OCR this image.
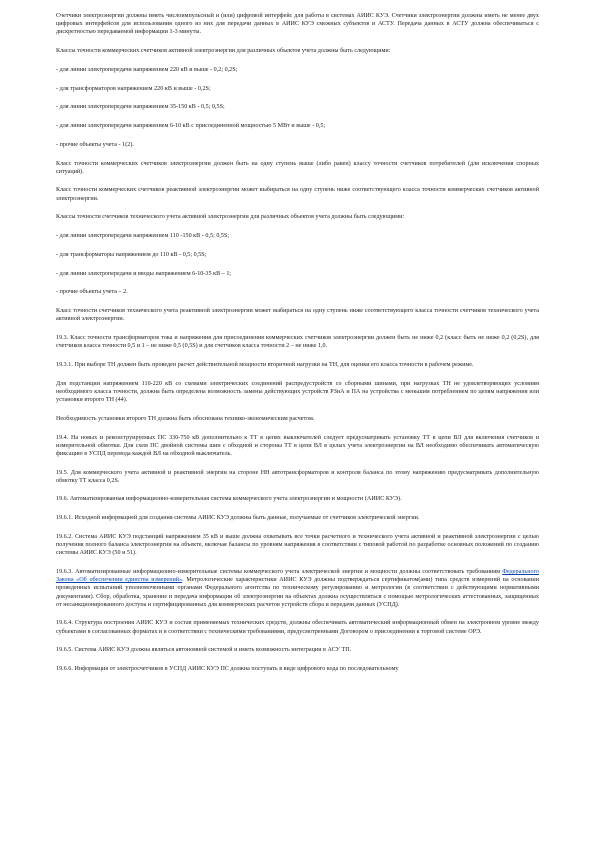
Счетчики электроэнергии должны иметь числоимпульсный и (или) цифровой интерфейс для работы в системах АИИС КУЭ. Счетчики электроэнергии должны иметь не менее двух цифровых интерфейсов для использования одного из них для передачи данных в АИИС КУЭ смежных субъектов и АСТУ. Передача данных в АСТУ должна обеспечиваться с дискретностью передаваемой информации 1-3 минуты.

Классы точности коммерческих счетчиков активной электроэнергии для различных объектов учета должны быть следующими:

- для линии электропередачи напряжением 220 кВ и выше - 0,2; 0,2S;

- для трансформаторов напряжением 220 кВ и выше - 0,2S;

- для линии электропередачи напряжением 35-150 кВ - 0,5; 0,5S;

- для линии электропередачи напряжением 6-10 кВ с присоединенной мощностью 5 МВт и выше - 0,5;

- прочие объекты учета - 1(2).

Класс точности коммерческих счетчиков электроэнергии должен быть на одну ступень выше (либо равен) классу точности счетчиков потребителей (для исключения спорных ситуаций).

Класс точности коммерческих счетчиков реактивной электроэнергии может выбираться на одну ступень ниже соответствующего класса точности коммерческих счетчиков активной электроэнергии.

Классы точности счетчиков технического учета активной электроэнергии для различных объектов учета должны быть следующими:

- для линии электропередачи напряжением 110 -150 кВ - 0,5; 0,5S;

- для трансформаторы напряжением до 110 кВ - 0,5; 0,5S;

- для линии электропередачи и вводы напряжением 6-10-35 кВ – 1;

- прочие объекты учета – 2.

Класс точности счетчиков технического учета реактивной электроэнергии может выбираться на одну ступень ниже соответствующего класса точности счетчиков технического учета активной электроэнергии.

19.3. Класс точности трансформаторов тока и напряжения для присоединения коммерческих счетчиков электроэнергии должен быть не ниже 0,2 (класс быть не ниже 0,2 (0,2S), для счетчиков класса точности 0,5 и 1 – не ниже 0,5 (0,5S) и для счетчиков класса точности 2 – не ниже 1,0.

19.3.1. При выборе ТН должен быть проведен расчет действительной мощности вторичной нагрузки на ТН, для оценки его класса точности в рабочем режиме.

Для подстанции напряжением 110-220 кВ со схемами электрических соединений распредустройств со сборными шинами, при нагрузках ТН не удовлетворяющих условиям необходимого класса точности, должна быть определена возможность замены действующих устройств РЗиА и ПА на устройства с меньшим потреблением по цепям напряжения или установки второго ТН (44).

Необходимость установки второго ТН должна быть обоснована технико-экономическим расчетом.

19.4. На новых и реконструируемых ПС 330-750 кВ дополнительно к ТТ в цепях выключателей следует предусматривать установку ТТ в цепи ВЛ для включения счетчиков и измерительной обмотки. Для схем ПС двойной системы шин с обходной и стороны ТТ в цепи ВЛ в целых учета электроэнергии на ВЛ необходимо обеспечивать автоматическую фиксацию в УСПД перевода каждой ВЛ на обходной выключатель.

19.5. Для коммерческого учета активной и реактивной энергии на стороне НН автотрансформаторов и контроля баланса по этому напряжению предусматривать дополнительную обмотку ТТ класса 0,2S.

19.6. Автоматизированная информационно-измерительная система коммерческого учета электроэнергии и мощности (АИИС КУЭ).

19.6.1. Исходной информацией для создания системы АИИС КУЭ должны быть данные, получаемые от счетчиков электрической энергии.

19.6.2. Система АИИС КУЭ подстанций напряжением 35 кВ и выше должна охватывать все точки расчетного и технического учета активной и реактивной электроэнергии с целью получения полного баланса электроэнергии на объекте, включая балансы по уровням напряжения в соответствии с типовой работой по разработке основных положений по созданию системы АИИС КУЭ (50 и 51).

19.6.3. Автоматизированные информационно-измерительные системы коммерческого учета электрической энергии и мощности должны соответствовать требованиям Федерального Закона «Об обеспечении единства измерений». Метрологические характеристики АИИС КУЭ должны подтверждаться сертификатом(ами) типа средств измерений на основании проведенных испытаний уполномоченными органами Федерального агентства по техническому регулированию и метрологии (в соответствии с действующими нормативными документами). Сбор, обработка, хранение и передача информации об электроэнергии на объектах должна осуществляться с помощью метрологических аттестованных, защищенных от несанкционированного доступа и сертифицированных для коммерческих расчетов устройств сбора и передачи данных (УСПД).

19.6.4. Структура построения АИИС КУЭ и состав применяемых технических средств, должны обеспечивать автоматический информационный обмен на электронном уровне между субъектами в согласованных форматах и в соответствии с техническими требованиями, предусмотренными Договором о присоединении к торговой системе ОРЭ.

19.6.5. Система АИИС КУЭ должна являться автономной системой и иметь возможность интеграции в АСУ ТП.

19.6.6. Информация от электросчетчиков в УСПД АИИС КУЭ ПС должна поступать в виде цифрового кода по последовательному
